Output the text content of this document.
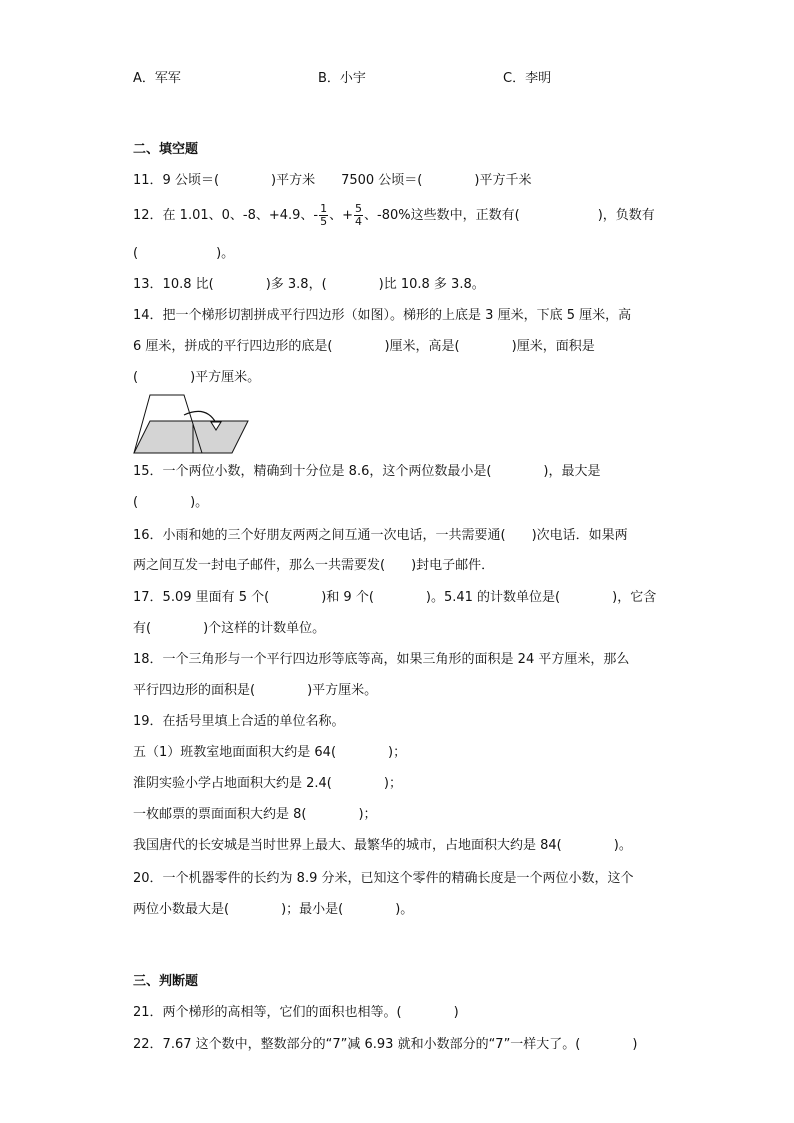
A．军军	B．小宇	C．李明
二、填空题
11．9 公顷＝(　　　　)平方米　　7500 公顷＝(　　　　)平方千米
12．在 1.01、0、-8、+4.9、- $\frac{1}{5}$ 、+ $\frac{5}{4}$ 、-80%这些数中，正数有(　　　　　　)，负数有
(　　　　　　)。
13．10.8 比(　　　　)多 3.8，(　　　　)比 10.8 多 3.8。
14．把一个梯形切割拼成平行四边形（如图）。梯形的上底是 3 厘米，下底 5 厘米，高
6 厘米，拼成的平行四边形的底是(　　　　)厘米，高是(　　　　)厘米，面积是
(　　　　)平方厘米。
15．一个两位小数，精确到十分位是 8.6，这个两位数最小是(　　　　)，最大是
(　　　　)。
16．小雨和她的三个好朋友两两之间互通一次电话，一共需要通(　　)次电话．如果两
两之间互发一封电子邮件，那么一共需要发(　　)封电子邮件．
17．5.09 里面有 5 个(　　　　)和 9 个(　　　　)。5.41 的计数单位是(　　　　)，它含
有(　　　　)个这样的计数单位。
18．一个三角形与一个平行四边形等底等高，如果三角形的面积是 24 平方厘米，那么
平行四边形的面积是(　　　　)平方厘米。
19．在括号里填上合适的单位名称。
五（1）班教室地面面积大约是 64(　　　　)；
淮阴实验小学占地面积大约是 2.4(　　　　)；
一枚邮票的票面面积大约是 8(　　　　)；
我国唐代的长安城是当时世界上最大、最繁华的城市，占地面积大约是 84(　　　　)。
20．一个机器零件的长约为 8.9 分米，已知这个零件的精确长度是一个两位小数，这个
两位小数最大是(　　　　)；最小是(　　　　)。
三、判断题
21．两个梯形的高相等，它们的面积也相等。(　　　　)
22．7.67 这个数中，整数部分的“7”减 6.93 就和小数部分的“7”一样大了。(　　　　)
